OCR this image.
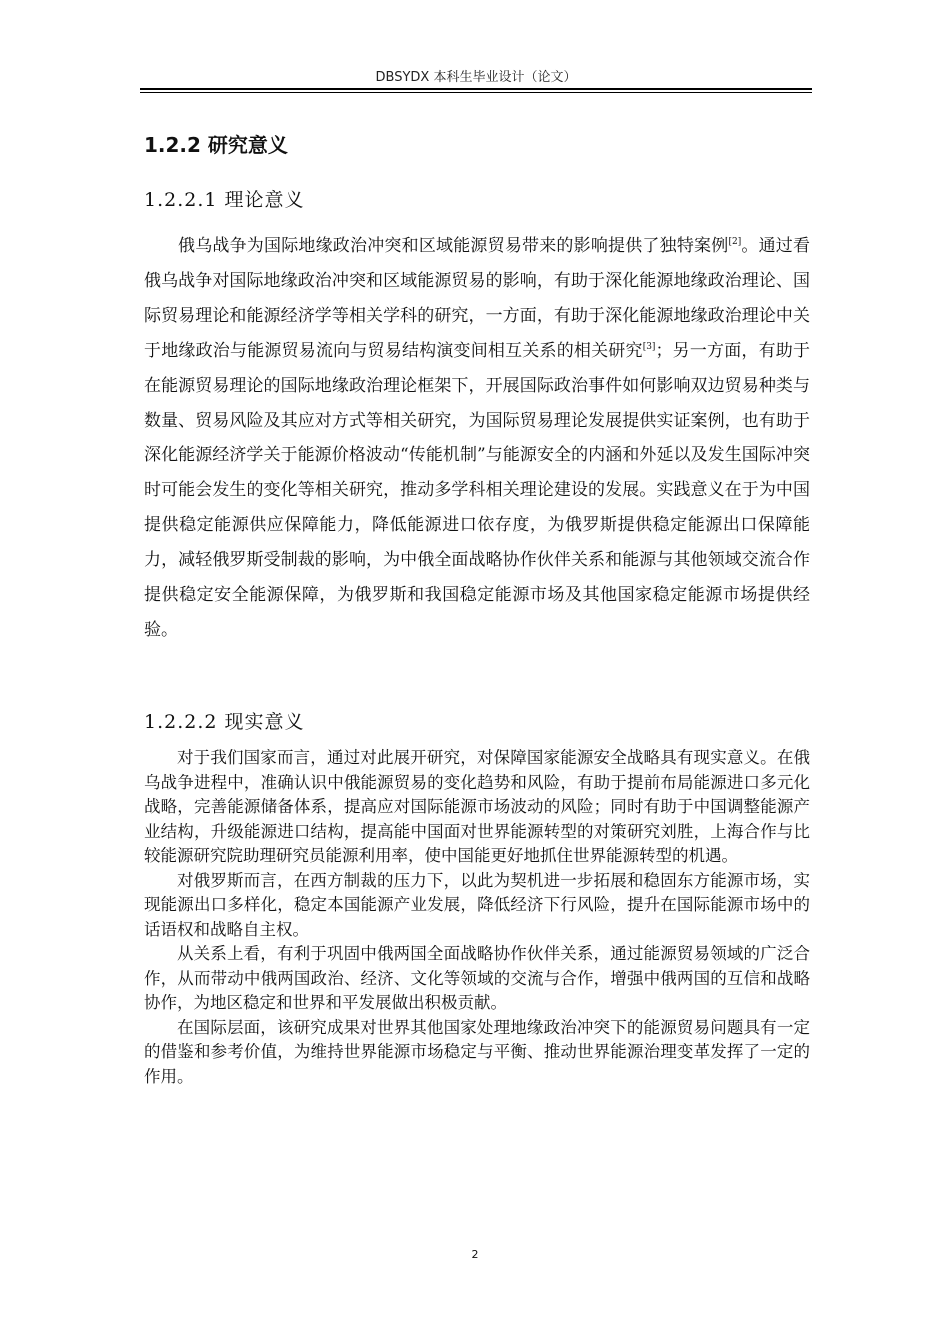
DBSYDX 本科生毕业设计（论文）
1.2.2 研究意义
1.2.2.1 理论意义

俄乌战争为国际地缘政治冲突和区域能源贸易带来的影响提供了独特案例[2]。通过看俄乌战争对国际地缘政治冲突和区域能源贸易的影响，有助于深化能源地缘政治理论、国际贸易理论和能源经济学等相关学科的研究，一方面，有助于深化能源地缘政治理论中关于地缘政治与能源贸易流向与贸易结构演变间相互关系的相关研究[3]；另一方面，有助于在能源贸易理论的国际地缘政治理论框架下，开展国际政治事件如何影响双边贸易种类与数量、贸易风险及其应对方式等相关研究，为国际贸易理论发展提供实证案例，也有助于深化能源经济学关于能源价格波动“传能机制”与能源安全的内涵和外延以及发生国际冲突时可能会发生的变化等相关研究，推动多学科相关理论建设的发展。实践意义在于为中国提供稳定能源供应保障能力，降低能源进口依存度，为俄罗斯提供稳定能源出口保障能力，减轻俄罗斯受制裁的影响，为中俄全面战略协作伙伴关系和能源与其他领域交流合作提供稳定安全能源保障，为俄罗斯和我国稳定能源市场及其他国家稳定能源市场提供经验。

1.2.2.2 现实意义

对于我们国家而言，通过对此展开研究，对保障国家能源安全战略具有现实意义。在俄乌战争进程中，准确认识中俄能源贸易的变化趋势和风险，有助于提前布局能源进口多元化战略，完善能源储备体系，提高应对国际能源市场波动的风险；同时有助于中国调整能源产业结构，升级能源进口结构，提高能中国面对世界能源转型的对策研究刘胜，上海合作与比较能源研究院助理研究员能源利用率，使中国能更好地抓住世界能源转型的机遇。

对俄罗斯而言，在西方制裁的压力下，以此为契机进一步拓展和稳固东方能源市场，实现能源出口多样化，稳定本国能源产业发展，降低经济下行风险，提升在国际能源市场中的话语权和战略自主权。

从关系上看，有利于巩固中俄两国全面战略协作伙伴关系，通过能源贸易领域的广泛合作，从而带动中俄两国政治、经济、文化等领域的交流与合作，增强中俄两国的互信和战略协作，为地区稳定和世界和平发展做出积极贡献。

在国际层面，该研究成果对世界其他国家处理地缘政治冲突下的能源贸易问题具有一定的借鉴和参考价值，为维持世界能源市场稳定与平衡、推动世界能源治理变革发挥了一定的作用。

2
